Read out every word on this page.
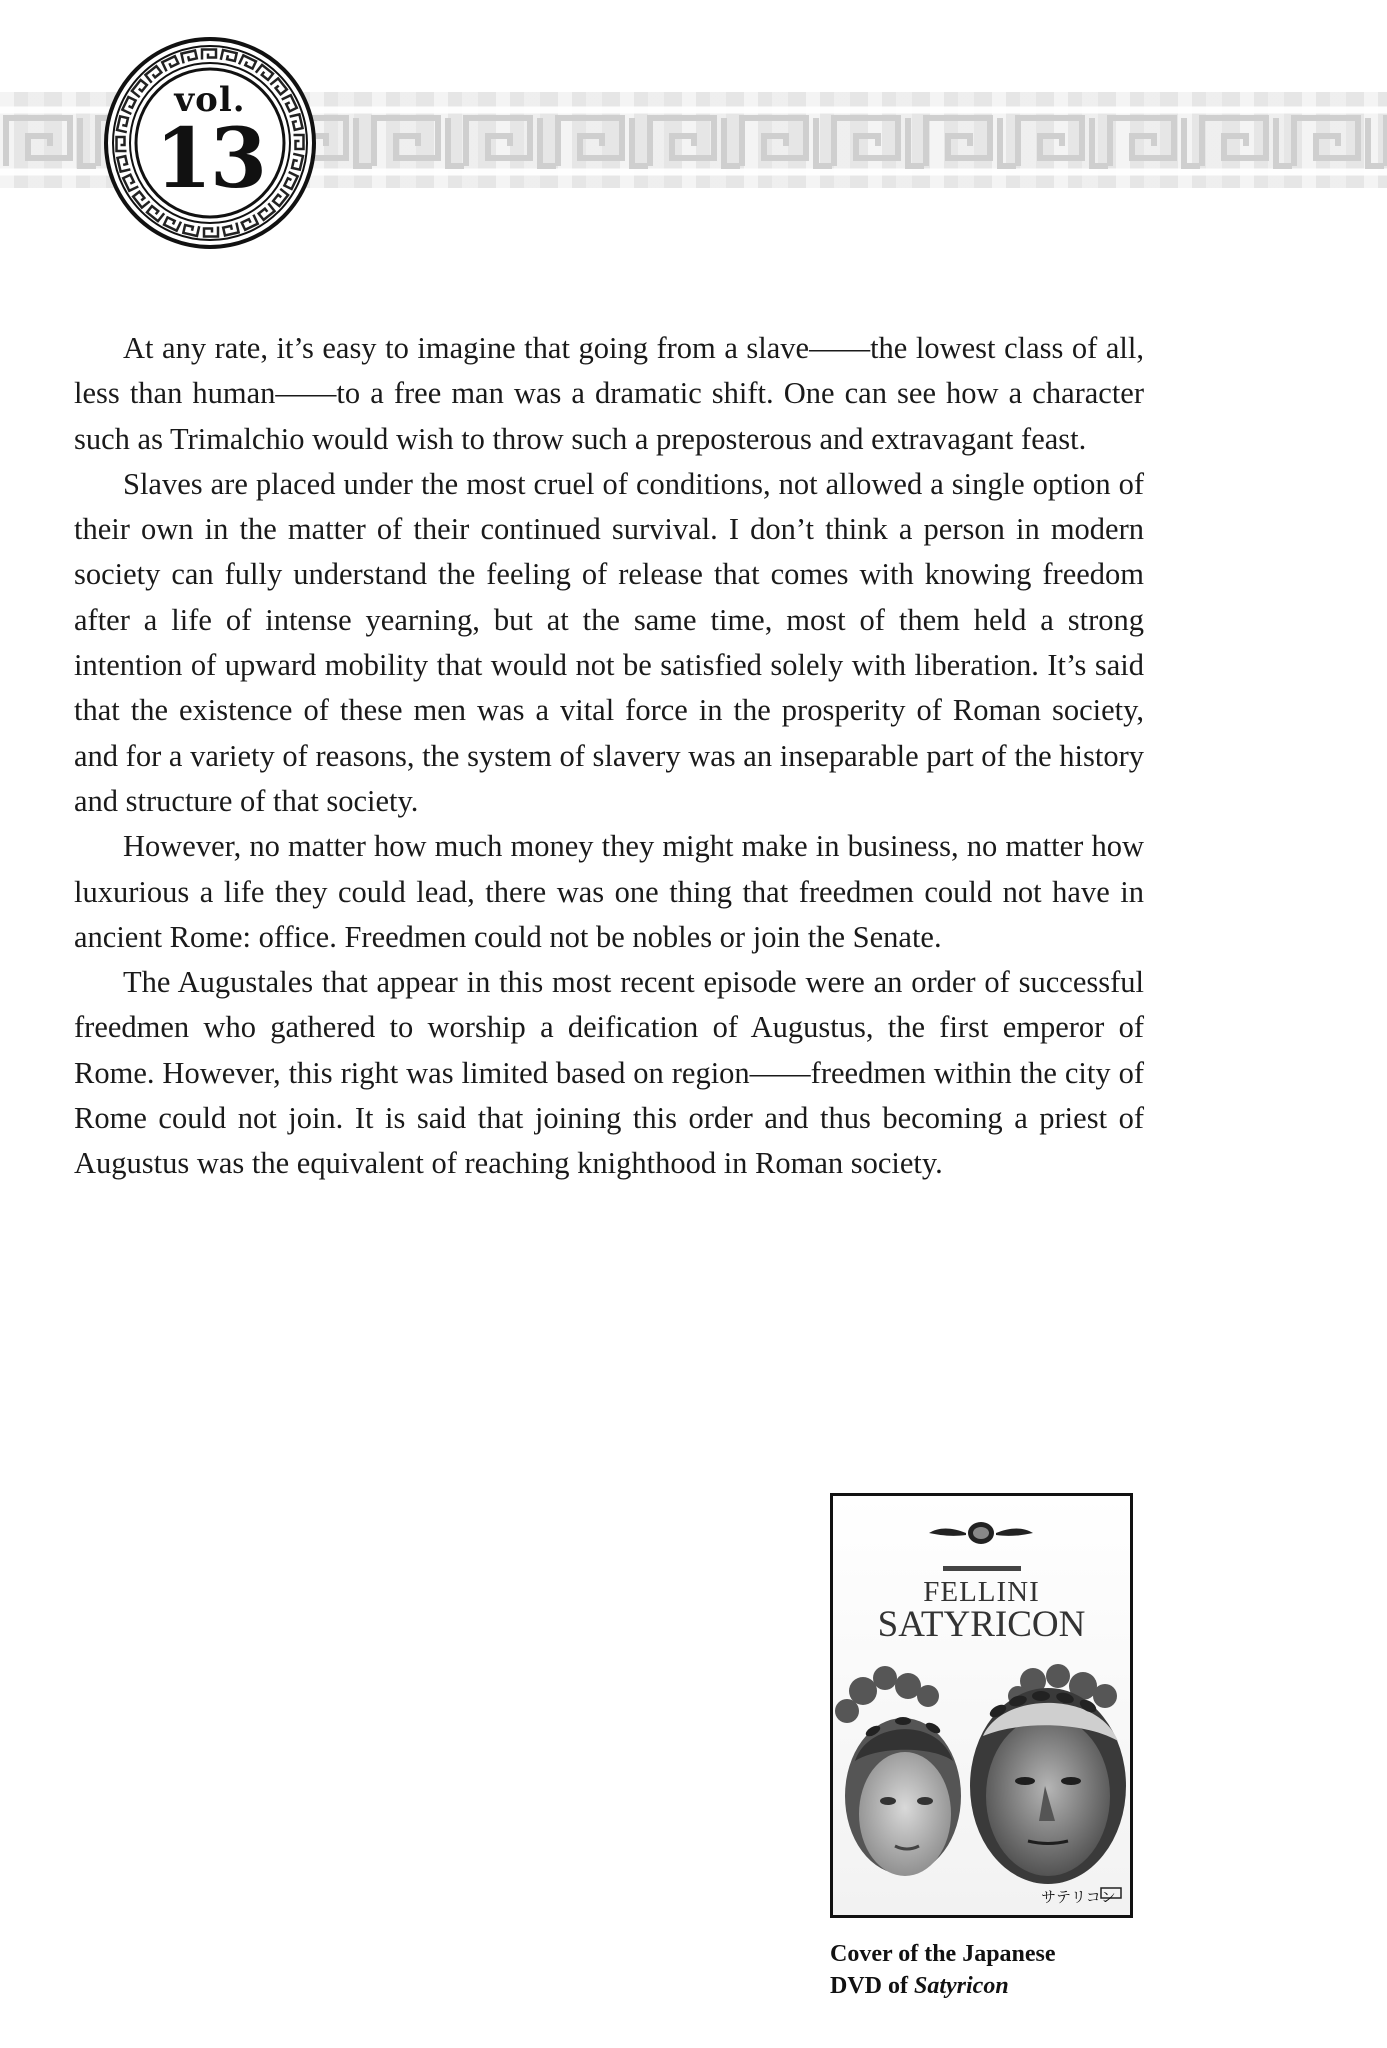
vol.
13

At any rate, it’s easy to imagine that going from a slave——the lowest class of all, less than human——to a free man was a dramatic shift. One can see how a character such as Trimalchio would wish to throw such a preposterous and extravagant feast.

Slaves are placed under the most cruel of conditions, not allowed a single option of their own in the matter of their continued survival. I don’t think a person in modern society can fully understand the feeling of release that comes with knowing freedom after a life of intense yearning, but at the same time, most of them held a strong intention of upward mobility that would not be satisfied solely with liberation. It’s said that the existence of these men was a vital force in the prosperity of Roman society, and for a variety of reasons, the system of slavery was an inseparable part of the history and structure of that society.

However, no matter how much money they might make in business, no matter how luxurious a life they could lead, there was one thing that freedmen could not have in ancient Rome: office. Freedmen could not be nobles or join the Senate.

The Augustales that appear in this most recent episode were an order of successful freedmen who gathered to worship a deification of Augustus, the first emperor of Rome. However, this right was limited based on region——freedmen within the city of Rome could not join. It is said that joining this order and thus becoming a priest of Augustus was the equivalent of reaching knighthood in Roman society.

FELLINI
SATYRICON
サテリコン
Cover of the Japanese
DVD of Satyricon
